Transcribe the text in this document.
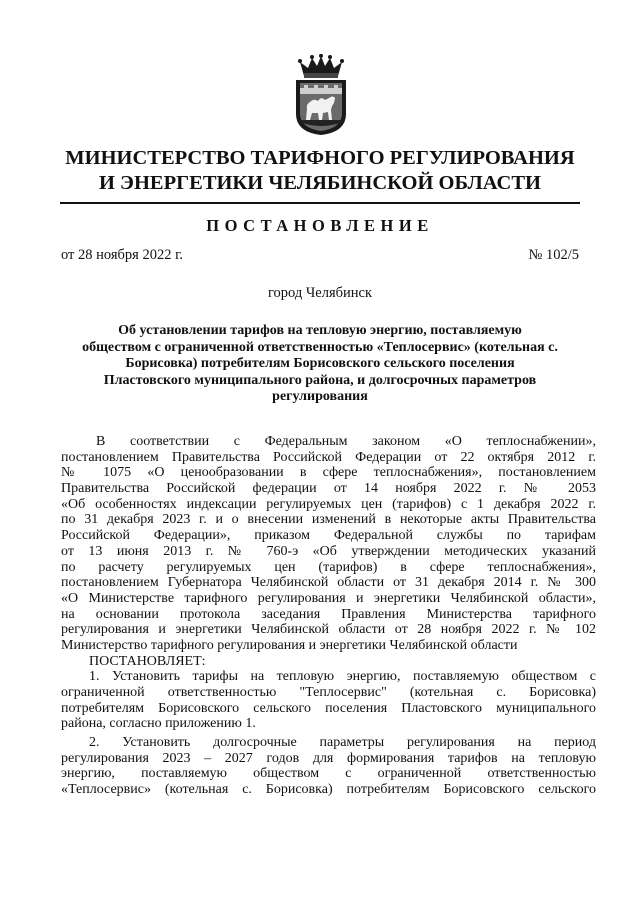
МИНИСТЕРСТВО ТАРИФНОГО РЕГУЛИРОВАНИЯ
И ЭНЕРГЕТИКИ ЧЕЛЯБИНСКОЙ ОБЛАСТИ
ПОСТАНОВЛЕНИЕ
от 28 ноября 2022 г.	№ 102/5
город Челябинск
Об установлении тарифов на тепловую энергию, поставляемую
обществом с ограниченной ответственностью «Теплосервис» (котельная с.
Борисовка) потребителям Борисовского сельского поселения
Пластовского муниципального района, и долгосрочных параметров
регулирования
В соответствии с Федеральным законом «О теплоснабжении»,
постановлением Правительства Российской Федерации от 22 октября 2012 г.
№ 1075 «О ценообразовании в сфере теплоснабжения», постановлением
Правительства Российской федерации от 14 ноября 2022 г. № 2053
«Об особенностях индексации регулируемых цен (тарифов) с 1 декабря 2022 г.
по 31 декабря 2023 г. и о внесении изменений в некоторые акты Правительства
Российской Федерации», приказом Федеральной службы по тарифам
от 13 июня 2013 г. № 760-э «Об утверждении методических указаний
по расчету регулируемых цен (тарифов) в сфере теплоснабжения»,
постановлением Губернатора Челябинской области от 31 декабря 2014 г. № 300
«О Министерстве тарифного регулирования и энергетики Челябинской области»,
на основании протокола заседания Правления Министерства тарифного
регулирования и энергетики Челябинской области от 28 ноября 2022 г. № 102
Министерство тарифного регулирования и энергетики Челябинской области
ПОСТАНОВЛЯЕТ:
1. Установить тарифы на тепловую энергию, поставляемую обществом с
ограниченной ответственностью "Теплосервис" (котельная с. Борисовка)
потребителям Борисовского сельского поселения Пластовского муниципального
района, согласно приложению 1.
2. Установить долгосрочные параметры регулирования на период
регулирования 2023 – 2027 годов для формирования тарифов на тепловую
энергию, поставляемую обществом с ограниченной ответственностью
«Теплосервис» (котельная с. Борисовка) потребителям Борисовского сельского
